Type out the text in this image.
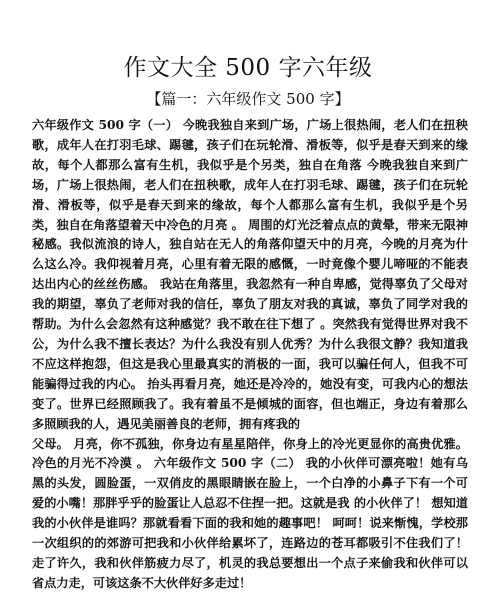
作文大全 500 字六年级
【篇一：六年级作文 500 字】

六年级作文 500 字（一） 今晚我独自来到广场，广场上很热闹，老人们在扭秧歌，成年人在打羽毛球、踢毽，孩子们在玩轮滑、滑板等，似乎是春天到来的缘故，每个人都那么富有生机，我似乎是个另类，独自在角落 今晚我独自来到广场，广场上很热闹，老人们在扭秧歌，成年人在打羽毛球、踢毽，孩子们在玩轮滑、滑板等，似乎是春天到来的缘故，每个人都那么富有生机，我似乎是个另类，独自在角落望着天中冷色的月亮 。 周围的灯光泛着点点的黄晕，带来无限神秘感。我似流浪的诗人，独自站在无人的角落仰望天中的月亮，今晚的月亮为什么这么冷。我仰视着月亮，心里有着无限的感慨，一时竟像个婴儿啼哑的不能表达出内心的丝丝伤感。 我站在角落里，我忽然有一种自卑感，觉得辜负了父母对我的期望，辜负了老师对我的信任，辜负了朋友对我的真诚，辜负了同学对我的帮助。为什么会忽然有这种感觉？我不敢在往下想了 。突然我有觉得世界对我不公，为什么我不擅长表达？为什么我没有别人优秀？为什么我很文静？我知道我不应这样抱怨，但这是我心里最真实的消极的一面，我可以骗任何人，但我不可能骗得过我的内心。 抬头再看月亮，她还是冷冷的，她没有变，可我内心的想法变了。世界已经照顾我了。我有着虽不是倾城的面容，但也端正，身边有着那么多照顾我的人，遇见美丽善良的老师，拥有疼我的

父母。 月亮，你不孤独，你身边有星星陪伴，你身上的冷光更显你的高贵优雅。 冷色的月光不冷漠 。 六年级作文 500 字（二） 我的小伙伴可漂亮啦！她有乌黑的头发，圆脸蛋，一双俏皮的黑眼睛嵌在脸上，一个白净的小鼻子下有一个可爱的小嘴！那胖乎乎的脸蛋让人总忍不住捏一把。这就是我 的小伙伴了！ 想知道我的小伙伴是谁吗？那就看看下面的我和她的趣事吧！ 呵呵！说来惭愧，学校那一次组织的的郊游可把我和小伙伴给累坏了，连路边的苍耳都吸引不住我们了！走了许久，我和伙伴筋疲力尽了，机灵的我总要想出一个点子来偷我和伙伴可以省点力走，可该这条不大伙伴好多走过！
